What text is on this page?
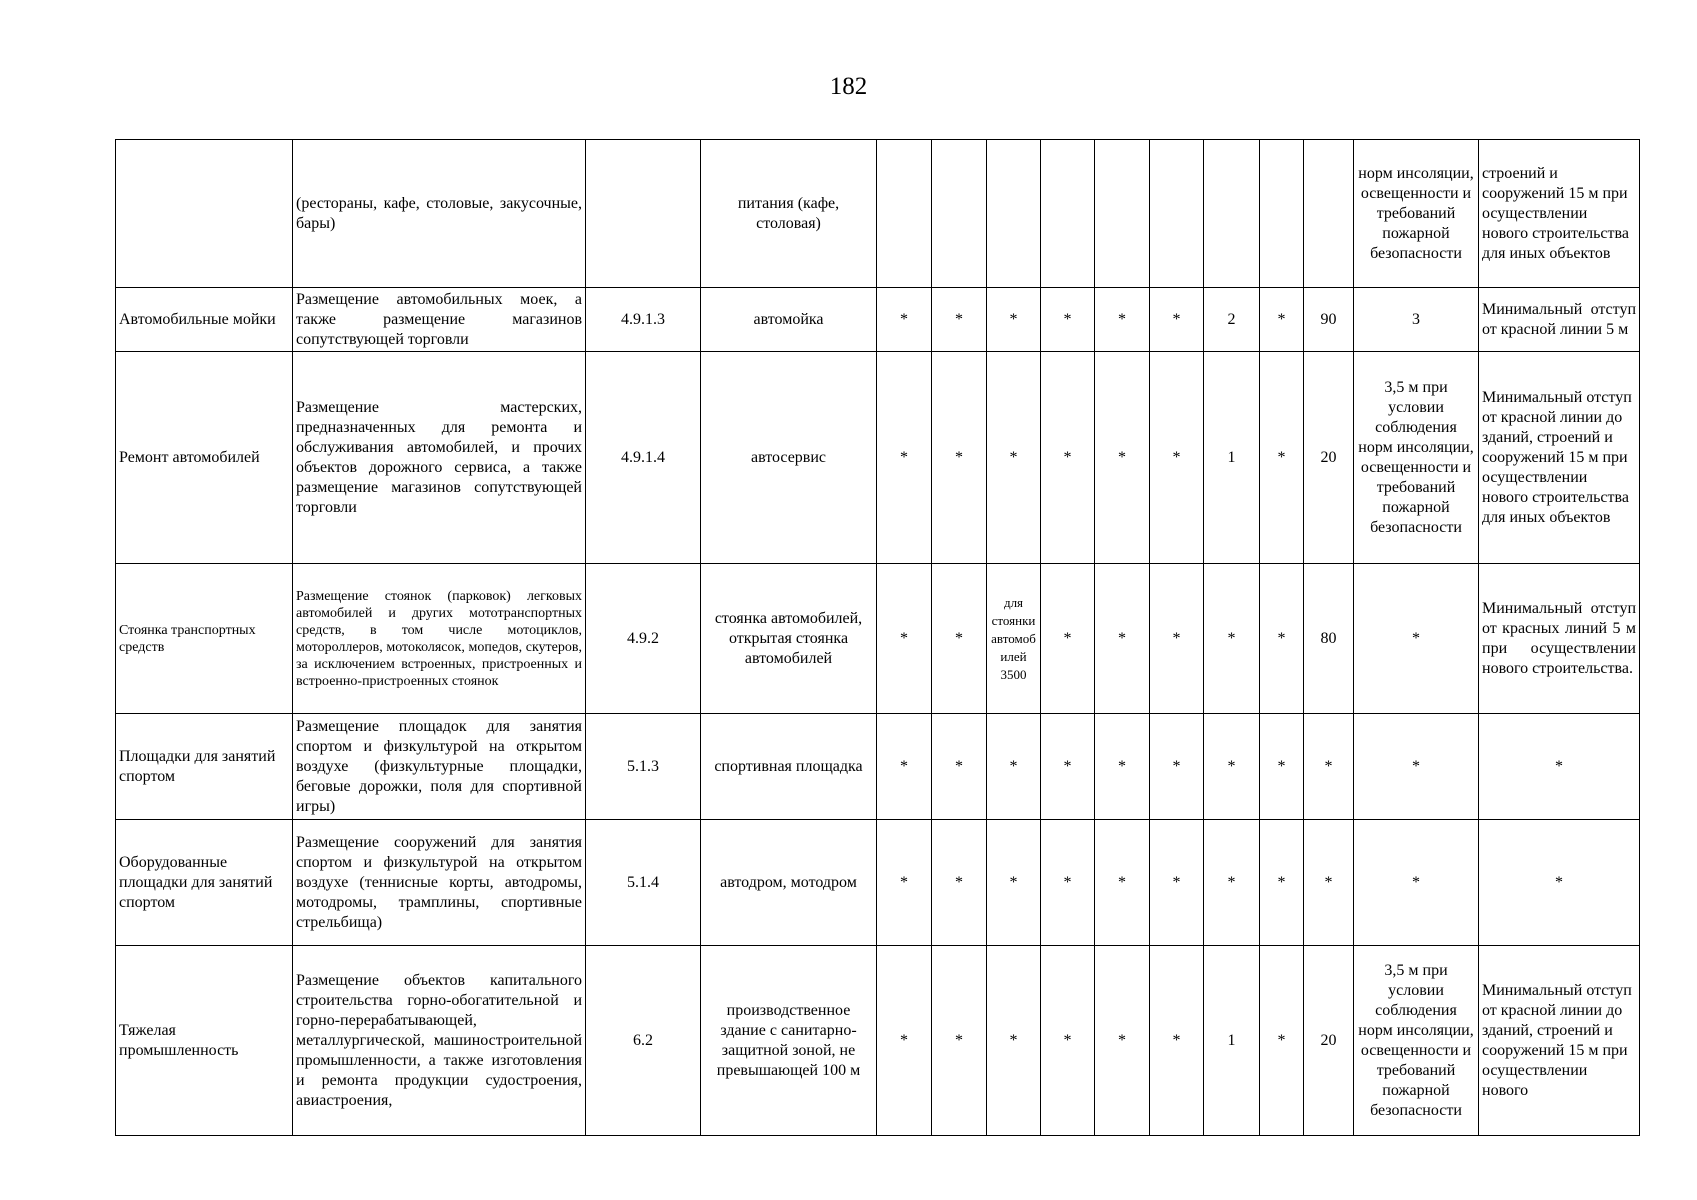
182
	(рестораны, кафе, столовые, закусочные, бары)		питания (кафе, столовая)										норм инсоляции, освещенности и требований пожарной безопасности	строений и сооружений 15 м при осуществлении нового строительства для иных объектов
Автомобильные мойки	Размещение автомобильных моек, а также размещение магазинов сопутствующей торговли	4.9.1.3	автомойка	*	*	*	*	*	*	2	*	90	3	Минимальный отступ от красной линии 5 м
Ремонт автомобилей	Размещение мастерских, предназначенных для ремонта и обслуживания автомобилей, и прочих объектов дорожного сервиса, а также размещение магазинов сопутствующей торговли	4.9.1.4	автосервис	*	*	*	*	*	*	1	*	20	3,5 м при условии соблюдения норм инсоляции, освещенности и требований пожарной безопасности	Минимальный отступ от красной линии до зданий, строений и сооружений 15 м при осуществлении нового строительства для иных объектов
Стоянка транспортных средств	Размещение стоянок (парковок) легковых автомобилей и других мототранспортных средств, в том числе мотоциклов, мотороллеров, мотоколясок, мопедов, скутеров, за исключением встроенных, пристроенных и встроенно-пристроенных стоянок	4.9.2	стоянка автомобилей, открытая стоянка автомобилей	*	*	для стоянки автомобилей 3500	*	*	*	*	*	80	*	Минимальный отступ от красных линий 5 м при осуществлении нового строительства.
Площадки для занятий спортом	Размещение площадок для занятия спортом и физкультурой на открытом воздухе (физкультурные площадки, беговые дорожки, поля для спортивной игры)	5.1.3	спортивная площадка	*	*	*	*	*	*	*	*	*	*	*
Оборудованные площадки для занятий спортом	Размещение сооружений для занятия спортом и физкультурой на открытом воздухе (теннисные корты, автодромы, мотодромы, трамплины, спортивные стрельбища)	5.1.4	автодром, мотодром	*	*	*	*	*	*	*	*	*	*	*
Тяжелая промышленность	Размещение объектов капитального строительства горно-обогатительной и горно-перерабатывающей, металлургической, машиностроительной промышленности, а также изготовления и ремонта продукции судостроения, авиастроения,	6.2	производственное здание с санитарно-защитной зоной, не превышающей 100 м	*	*	*	*	*	*	1	*	20	3,5 м при условии соблюдения норм инсоляции, освещенности и требований пожарной безопасности	Минимальный отступ от красной линии до зданий, строений и сооружений 15 м при осуществлении нового
